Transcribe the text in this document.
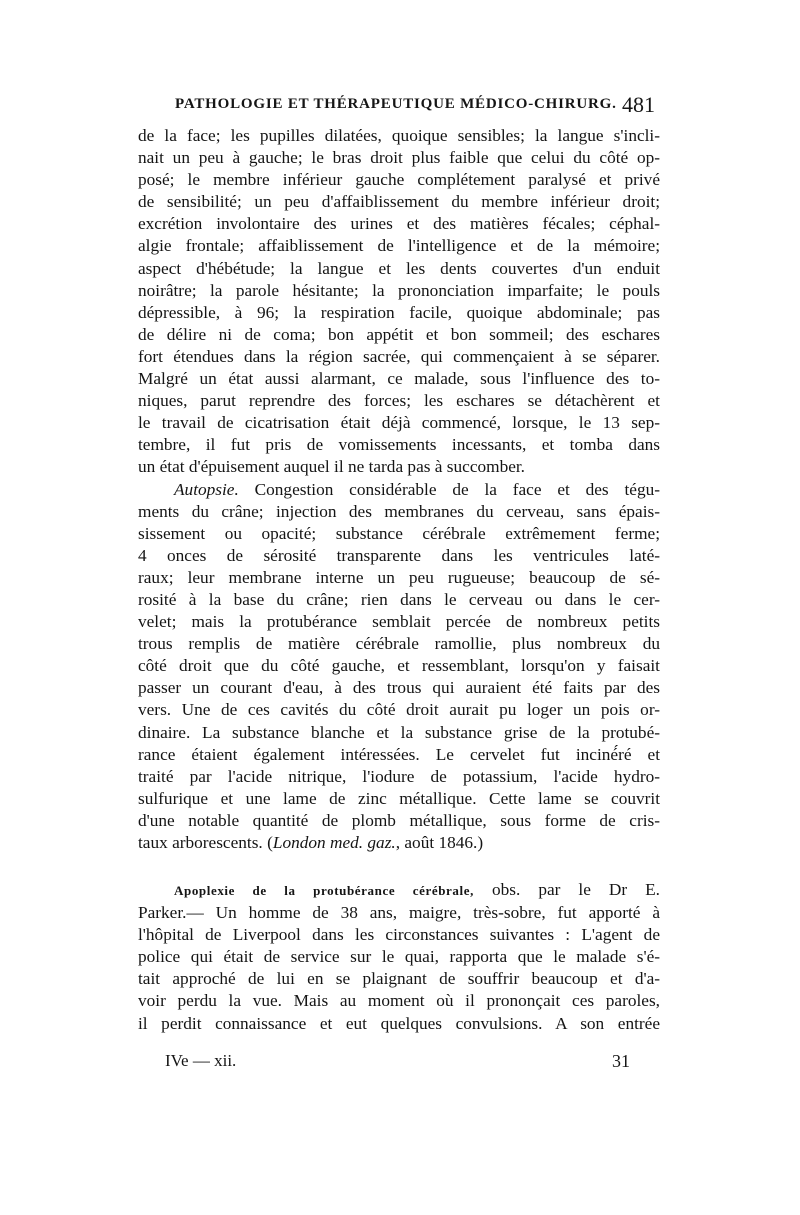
PATHOLOGIE ET THÉRAPEUTIQUE MÉDICO-CHIRURG. 481

de la face; les pupilles dilatées, quoique sensibles; la langue s'incli-

nait un peu à gauche; le bras droit plus faible que celui du côté op-

posé; le membre inférieur gauche complétement paralysé et privé

de sensibilité; un peu d'affaiblissement du membre inférieur droit;

excrétion involontaire des urines et des matières fécales; céphal-

algie frontale; affaiblissement de l'intelligence et de la mémoire;

aspect d'hébétude; la langue et les dents couvertes d'un enduit

noirâtre; la parole hésitante; la prononciation imparfaite; le pouls

dépressible, à 96; la respiration facile, quoique abdominale; pas

de délire ni de coma; bon appétit et bon sommeil; des eschares

fort étendues dans la région sacrée, qui commençaient à se séparer.

Malgré un état aussi alarmant, ce malade, sous l'influence des to-

niques, parut reprendre des forces; les eschares se détachèrent et

le travail de cicatrisation était déjà commencé, lorsque, le 13 sep-

tembre, il fut pris de vomissements incessants, et tomba dans

un état d'épuisement auquel il ne tarda pas à succomber.

Autopsie. Congestion considérable de la face et des tégu-

ments du crâne; injection des membranes du cerveau, sans épais-

sissement ou opacité; substance cérébrale extrêmement ferme;

4 onces de sérosité transparente dans les ventricules laté-

raux; leur membrane interne un peu rugueuse; beaucoup de sé-

rosité à la base du crâne; rien dans le cerveau ou dans le cer-

velet; mais la protubérance semblait percée de nombreux petits

trous remplis de matière cérébrale ramollie, plus nombreux du

côté droit que du côté gauche, et ressemblant, lorsqu'on y faisait

passer un courant d'eau, à des trous qui auraient été faits par des

vers. Une de ces cavités du côté droit aurait pu loger un pois or-

dinaire. La substance blanche et la substance grise de la protubé-

rance étaient également intéressées. Le cervelet fut inciné́ré et

traité par l'acide nitrique, l'iodure de potassium, l'acide hydro-

sulfurique et une lame de zinc métallique. Cette lame se couvrit

d'une notable quantité de plomb métallique, sous forme de cris-

taux arborescents. (London med. gaz., août 1846.)

Apoplexie de la protubérance cérébrale, obs. par le Dr E.

Parker.— Un homme de 38 ans, maigre, très-sobre, fut apporté à

l'hôpital de Liverpool dans les circonstances suivantes : L'agent de

police qui était de service sur le quai, rapporta que le malade s'é-

tait approché de lui en se plaignant de souffrir beaucoup et d'a-

voir perdu la vue. Mais au moment où il prononçait ces paroles,

il perdit connaissance et eut quelques convulsions. A son entrée

IVe — xii.	31
